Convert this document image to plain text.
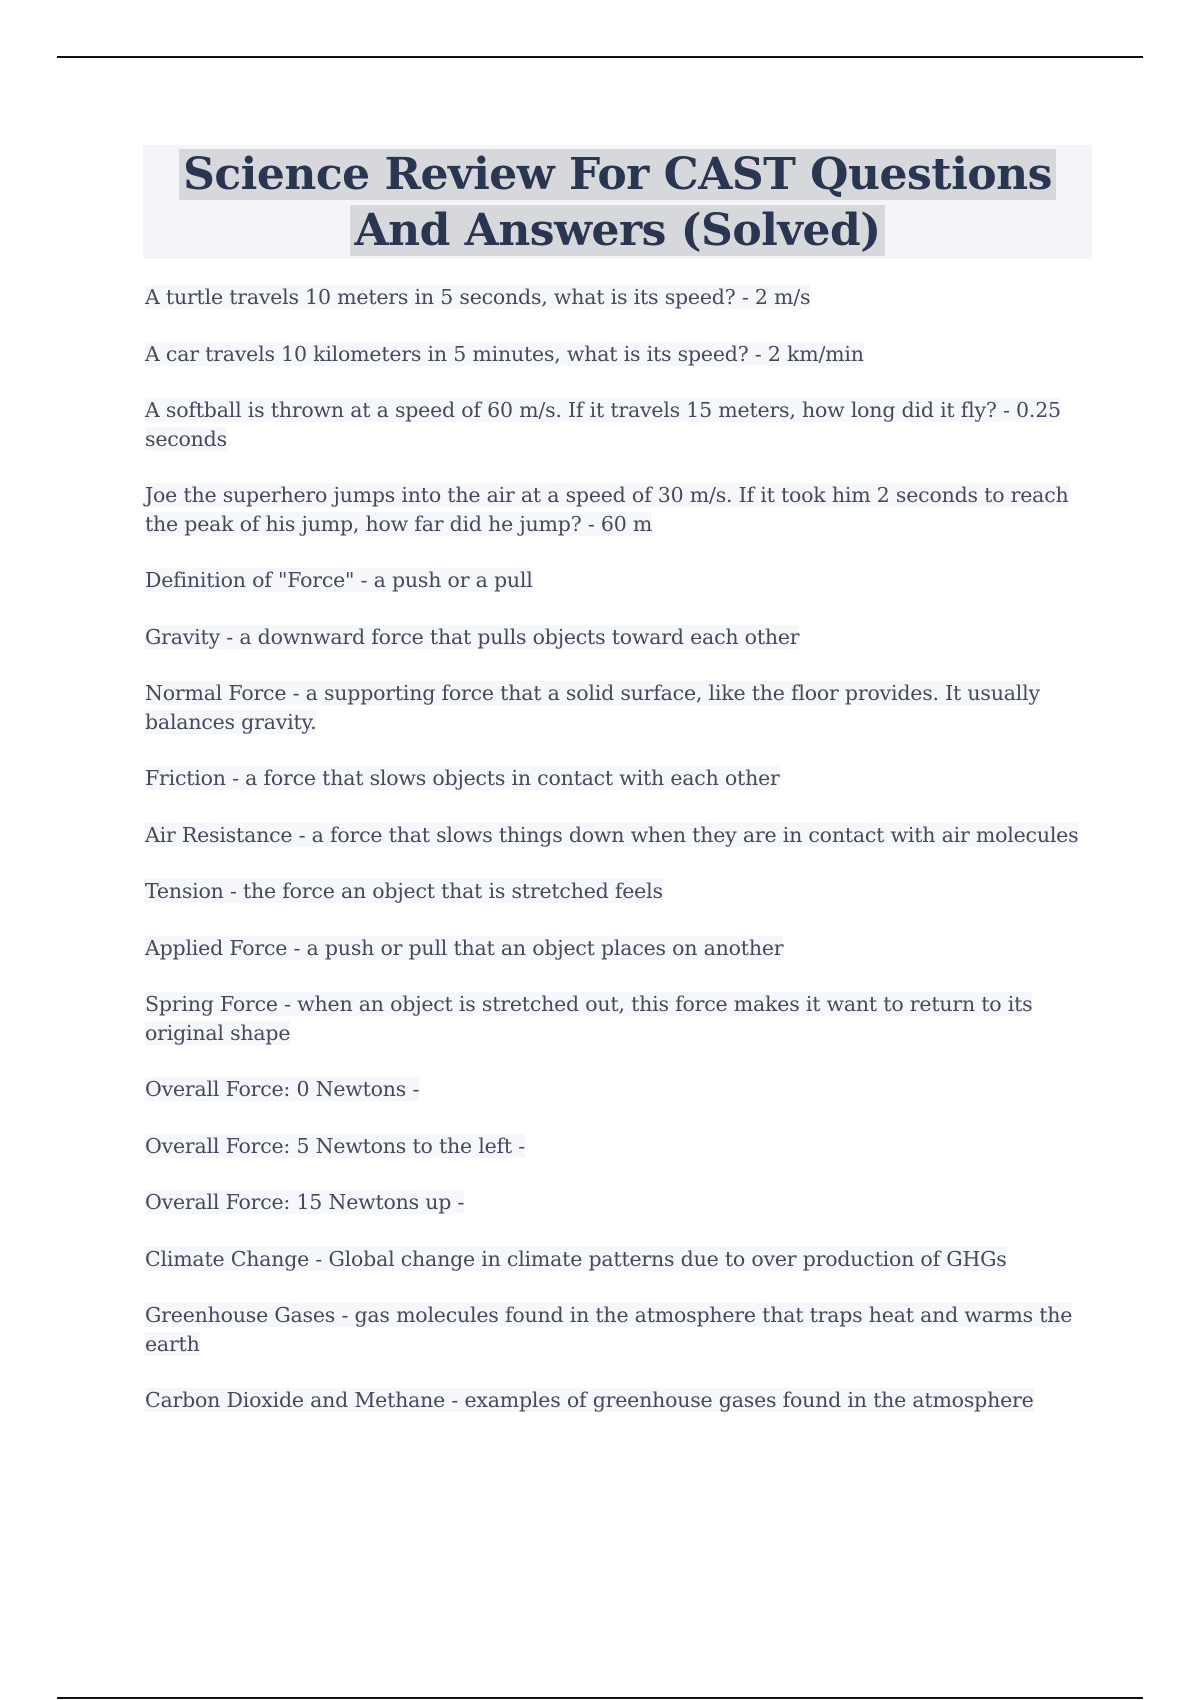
Science Review For CAST Questions And Answers (Solved)
A turtle travels 10 meters in 5 seconds, what is its speed? - 2 m/s
A car travels 10 kilometers in 5 minutes, what is its speed? - 2 km/min
A softball is thrown at a speed of 60 m/s. If it travels 15 meters, how long did it fly? - 0.25 seconds
Joe the superhero jumps into the air at a speed of 30 m/s. If it took him 2 seconds to reach the peak of his jump, how far did he jump? - 60 m
Definition of "Force" - a push or a pull
Gravity - a downward force that pulls objects toward each other
Normal Force - a supporting force that a solid surface, like the floor provides. It usually balances gravity.
Friction - a force that slows objects in contact with each other
Air Resistance - a force that slows things down when they are in contact with air molecules
Tension - the force an object that is stretched feels
Applied Force - a push or pull that an object places on another
Spring Force - when an object is stretched out, this force makes it want to return to its original shape
Overall Force: 0 Newtons -
Overall Force: 5 Newtons to the left -
Overall Force: 15 Newtons up -
Climate Change - Global change in climate patterns due to over production of GHGs
Greenhouse Gases - gas molecules found in the atmosphere that traps heat and warms the earth
Carbon Dioxide and Methane - examples of greenhouse gases found in the atmosphere
